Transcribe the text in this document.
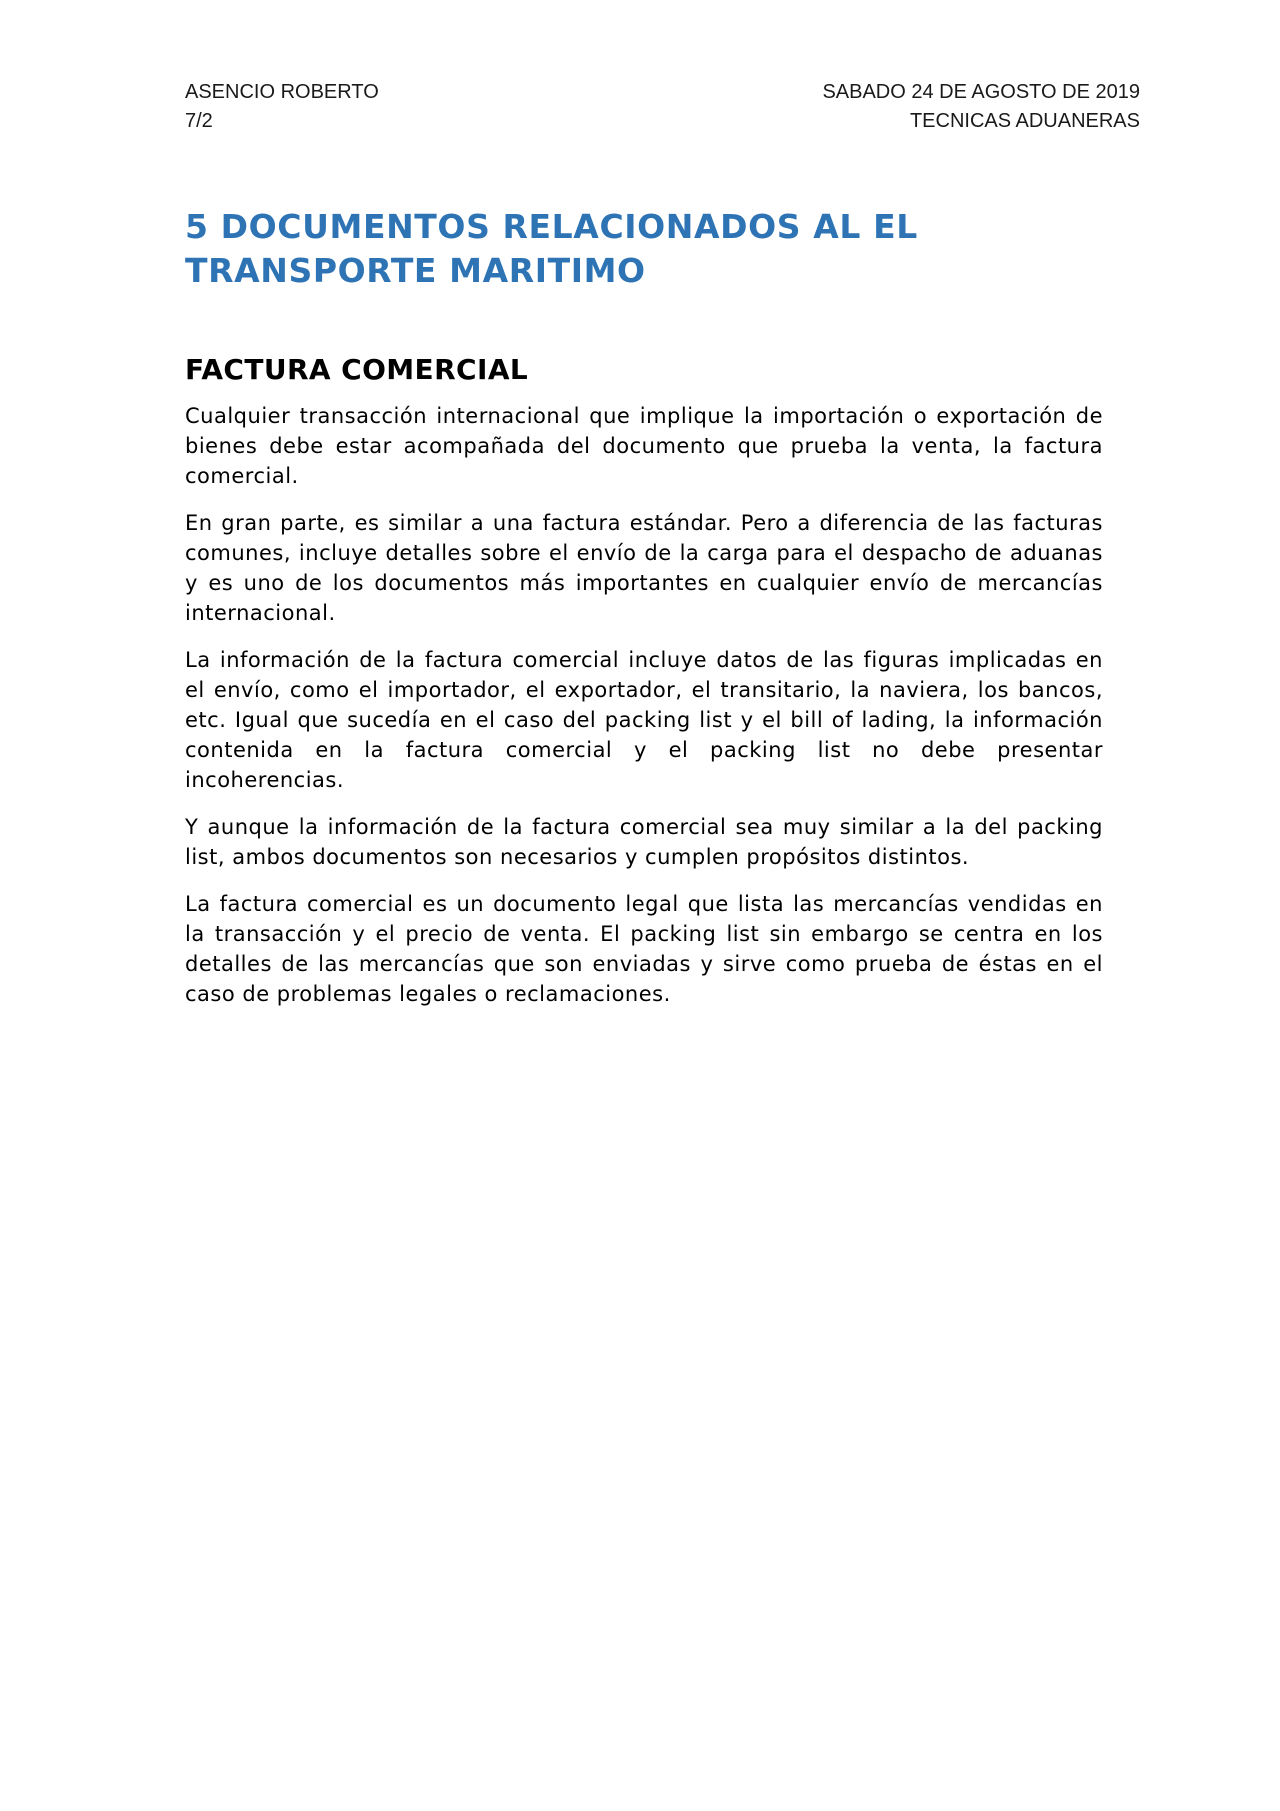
ASENCIO ROBERTO
7/2
SABADO 24 DE AGOSTO DE 2019
TECNICAS ADUANERAS
5 DOCUMENTOS RELACIONADOS AL EL TRANSPORTE MARITIMO
FACTURA COMERCIAL

Cualquier transacción internacional que implique la importación o exportación de bienes debe estar acompañada del documento que prueba la venta, la factura comercial.

En gran parte, es similar a una factura estándar. Pero a diferencia de las facturas comunes, incluye detalles sobre el envío de la carga para el despacho de aduanas y es uno de los documentos más importantes en cualquier envío de mercancías internacional.

La información de la factura comercial incluye datos de las figuras implicadas en el envío, como el importador, el exportador, el transitario, la naviera, los bancos, etc. Igual que sucedía en el caso del packing list y el bill of lading, la información contenida en la factura comercial y el packing list no debe presentar incoherencias.

Y aunque la información de la factura comercial sea muy similar a la del packing list, ambos documentos son necesarios y cumplen propósitos distintos.

La factura comercial es un documento legal que lista las mercancías vendidas en la transacción y el precio de venta. El packing list sin embargo se centra en los detalles de las mercancías que son enviadas y sirve como prueba de éstas en el caso de problemas legales o reclamaciones.
